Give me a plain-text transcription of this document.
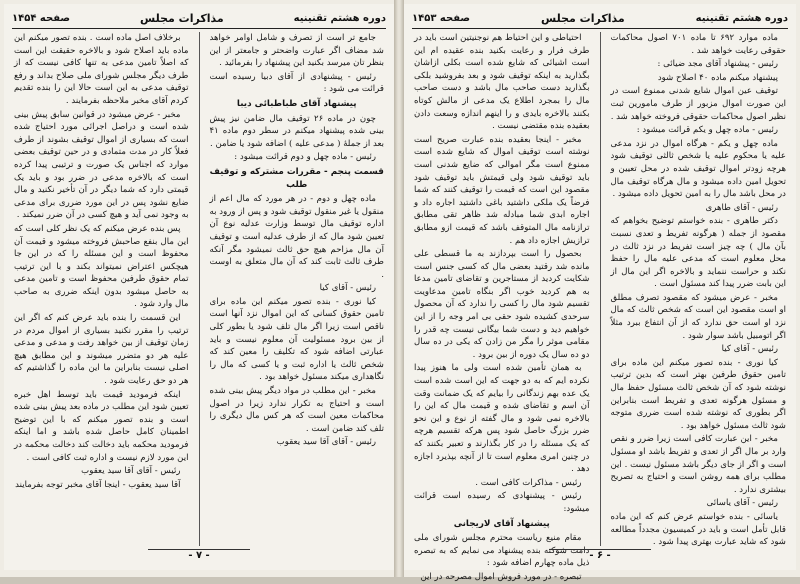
دوره هشتم تقنینیه
مذاکرات مجلس
صفحه ۱۴۵۴

جامع تر است از تصرف و شامل اوامر خواهد شد مضاف اگر عبارت واضحتر و جامعتر از این بنظر تان میرسد بکنید این پیشنهاد را بفرمائید .

رئیس - پیشنهادی از آقای دبیا رسیده است قرائت می شود :

پیشنهاد آقای طباطبائی دیبا

چون در ماده ۲۶ توقیف مال ضامن نیز پیش بینی شده پیشنهاد میکنم در سطر دوم ماده ۴۱ بعد از جملهٔ ( مدعی علیه ) اضافه شود یا ضامن .

رئیس - ماده چهل و دوم قرائت میشود :

قسمت پنجم - مقررات مشترکه و توقیف طلب

ماده چهل و دوم - در هر مورد که مال اعم از منقول یا غیر منقول توقیف شود و پس از ورود به اداره توقیف مال توسط وزارت عدلیه نوع آن تعیین شود مال که از طرف عدلیه است و توقیف آن مال مزاحم هیچ حق ثالث نمیشود مگر آنکه طرف ثالث ثابت کند که آن مال متعلق به اوست .

رئیس - آقای کیا

کیا نوری - بنده تصور میکنم این ماده برای تامین حقوق کسانی که این اموال نزد آنها است ناقص است زیرا اگر مال تلف شود یا بطور کلی از بین برود مسئولیت آن معلوم نیست و باید عبارتی اضافه شود که تکلیف را معین کند که شخص ثالث یا اداره ثبت و یا کسی که مال را نگاهداری میکند مسئول خواهد بود .

مخبر - این مطلب در مواد دیگر پیش بینی شده است و احتیاج به تکرار ندارد زیرا در اصول محاکمات معین است که هر کس مال دیگری را تلف کند ضامن است .

رئیس - آقای آقا سید یعقوب

برخلاف اصل ماده است . بنده تصور میکنم این ماده باید اصلاح شود و بالاخره حقیقت این است که اصلاً تامین مدعی به تنها کافی نیست که از طرف دیگر مجلس شورای ملی صلاح بداند و رفع توقیف مدعی به این است حالا این را بنده تقدیم کردم آقای مخبر ملاحظه بفرمایند .

مخبر - عرض میشود در قوانین سابق پیش بینی شده است و دراصل اجرائی مورد احتیاج شده است که بسیاری از اموال توقیف بشوند از طرف فعلاً کار در مدت متمادی و در حین توقیف بعضی موارد که اجناس یک صورت و ترتیبی پیدا کرده است که بالاخره مدعی در ضرر بود و باید یک قیمتی دارد که شما دیگر در آن تأخیر نکنید و مال ضایع نشود پس در این مورد ضرری برای مدعی به وجود نمی آید و هیچ کسی در آن ضرر نمیکند .

پس بنده عرض میکنم که یک نظر کلی است که این مال بنفع صاحبش فروخته میشود و قیمت آن محفوظ است و این مسئله را که در این جا هیچکس اعتراض نمیتواند بکند و با این ترتیب تمام حقوق طرفین محفوظ است و تامین مدعی به حاصل میشود بدون اینکه ضرری به صاحب مال وارد شود .

این قسمت را بنده باید عرض کنم که اگر این ترتیب را مقرر نکنید بسیاری از اموال مردم در زمان توقیف از بین خواهد رفت و مدعی و مدعی علیه هر دو متضرر میشوند و این مطابق هیچ اصلی نیست بنابراین ما این ماده را گذاشتیم که هر دو حق رعایت شود .

اینکه فرمودید قیمت باید توسط اهل خبره تعیین شود این مطلب در ماده بعد پیش بینی شده است و بنده تصور میکنم که با این توضیح اطمینان کامل حاصل شده باشد و اما اینکه فرمودید محکمه باید دخالت کند دخالت محکمه در این مورد لازم نیست و اداره ثبت کافی است .

رئیس - آقای آقا سید یعقوب

آقا سید یعقوب - اینجا آقای مخبر توجه بفرمایند

- ۷ -
دوره هشتم تقنینیه
مذاکرات مجلس
صفحه ۱۴۵۳

ماده موارد ۶۹۲ تا ماده ۷۰۱ اصول محاکمات حقوقی رعایت خواهد شد .

رئیس - پیشنهاد آقای مجد ضیائی :

پیشنهاد میکنم ماده ۴۰ اصلاح شود

توقیف عین اموال شایع شدنی ممنوع است در این صورت اموال مزبور از طرف مامورین ثبت نظیر اصول محاکمات حقوقی فروخته خواهد شد .

رئیس - ماده چهل و یکم قرائت میشود :

ماده چهل و یکم - هرگاه اموال در نزد مدعی علیه یا محکوم علیه یا شخص ثالثی توقیف شود هرچه زودتر اموال توقیف شده در محل تعیین و تحویل امین داده میشود و مال هرگاه توقیف مال در محل باشد مال را به امین تحویل داده میشود .

رئیس - آقای طاهری

دکتر طاهری - بنده خواستم توضیح بخواهم که مقصود از جمله ( هرگونه تفریط و تعدی نسبت بآن مال ) چه چیز است تفریط در نزد ثالث در محل معلوم است که مدعی علیه مال را حفظ نکند و حراست ننماید و بالاخره اگر این مال از این بابت ضرر پیدا کند مسئول است .

مخبر - عرض میشود که مقصود تصرف مطلق او است مقصود این است که شخص ثالث که مال نزد او است حق ندارد که از آن انتفاع ببرد مثلاً اگر اتومبیل باشد سوار شود .

رئیس - آقای کیا

کیا نوری - بنده تصور میکنم این ماده برای تامین حقوق طرفین بهتر است که بدین ترتیب نوشته شود که آن شخص ثالث مسئول حفظ مال و مسئول هرگونه تعدی و تفریط است بنابراین اگر بطوری که نوشته شده است ضرری متوجه شود ثالث مسئول خواهد بود .

مخبر - این عبارت کافی است زیرا ضرر و نقص وارد بر مال اگر از تعدی و تفریط باشد او مسئول است و اگر از جای دیگر باشد مسئول نیست . این مطلب برای همه روشن است و احتیاج به تصریح بیشتری ندارد .

رئیس - آقای یاسائی

یاسائی - بنده خواستم عرض کنم که این ماده قابل تأمل است و باید در کمیسیون مجدداً مطالعه شود که شاید عبارت بهتری پیدا شود .

احتیاطی و این احتیاط هم نوجنیتین است باید در طرف فرار و رعایت بکنید بنده عقیده ام این است اشیائی که شایع شده است بکلی ازاشان بگذارید به اینکه توقیف شود و بعد بفروشید بلکی بگذارید دست صاحب مال باشد و دست صاحب مال را بمجرد اطلاع یک مدعی از مالش کوتاه بکنند بالاخره بایدی و را اینهم اندازه وسعت دادن بعقیده بنده مقتضی نیست .

مخبر - اینجا بعقیده بنده عبارت صریح است نوشته است توقیف اموال که شایع شده است ممنوع است مگر اموالی که ضایع شدنی است باید توقیف شود ولی قیمتش باید توقیف شود مقصود این است که قیمت را توقیف کنند که شما فرضاً یک ملکی داشتید باغی داشتید اجاره داد و اجاره ابدی شما مبادله شد ظاهر تقی مطابق ترازنامه مال المتوقف باشد که قیمت ازو مطابق ترازیش اجازه داد هم .

بحصول را است بپردازند به ما قسطی علی مانده شد رقتید بعضی مال که کسی جنس است شکایت کردید از مستاجرین و تقاضای تامین مدعا به هم کردید خوب اگر بنگاه تامین مدعاویت تقسیم شود مال را کسی را ندارد که آن محصول سرحدی کشیده شود حقی بی امر وجه را از این خواهیم دید و دست شما بیگانی نیست چه قدر را مقامی موثر را مگر من زادن که یکی در ده سال دو ده سال یک دوره از بین برود .

به همان تأمین شده است ولی ما هنوز پیدا نکرده ایم که به دو جهت که این است شده است یک عده بهم زندگانی را بیایم که یک ضمانت وقت آن اسم و تقاضای شده و قیمت مال که این را بالاخره نمی شود و مال گفته از نوع و این نحو ضرر بزرگ حاصل شود پس هرکه تقسیم هرچه که یک مسئله را در کار بگذارند و تعبیر بکنند که در چنین امری معلوم است تا از آنچه بپذیرد اجازه دهد .

رئیس - مذاکرات کافی است .

رئیس - پیشنهادی که رسیده است قرائت میشود:

پیشنهاد آقای لاریجانی

مقام منیع ریاست محترم مجلس شورای ملی دامت شوکته بنده پیشنهاد می نمایم که به تبصره ذیل ماده چهارم اضافه شود :

تبصره - در مورد فروش اموال مصرحه در این

- ۶ -
